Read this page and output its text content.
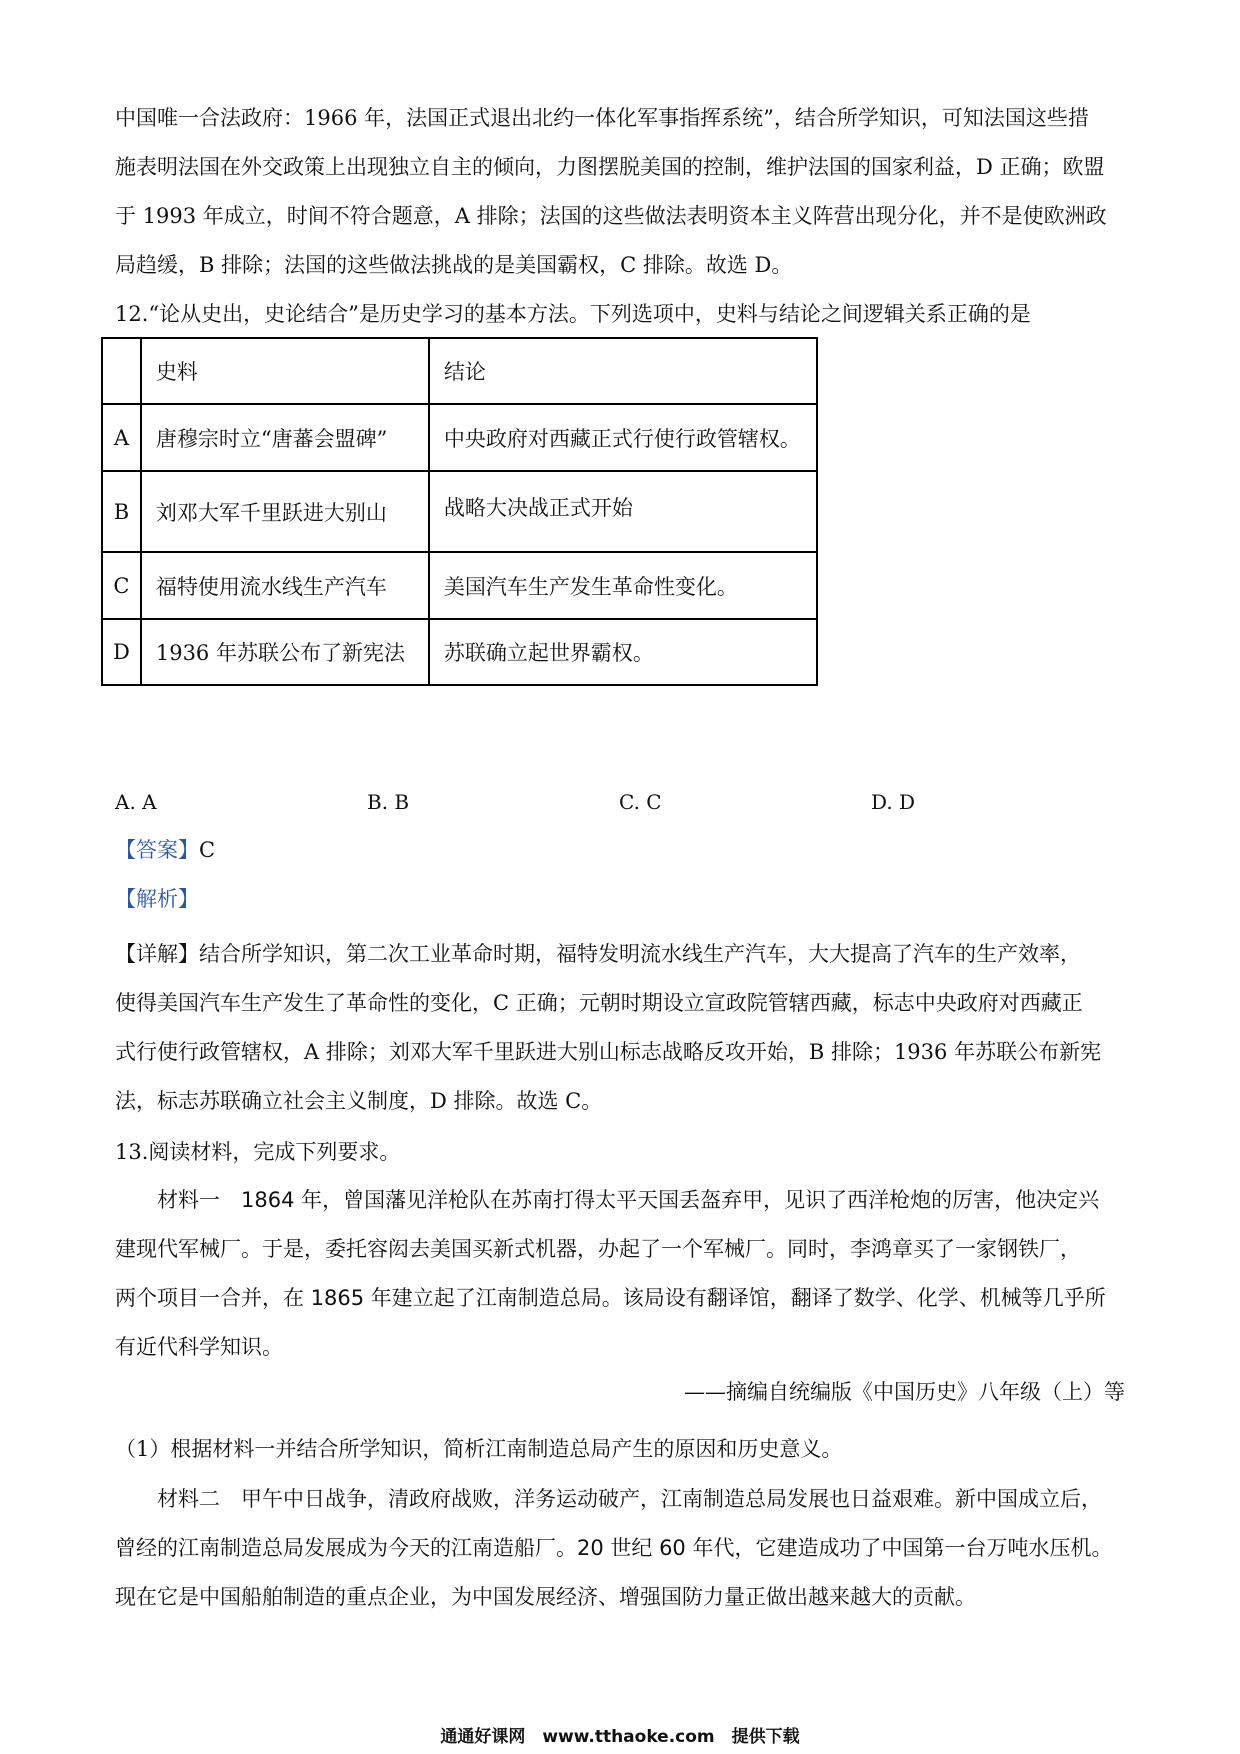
中国唯一合法政府：1966 年，法国正式退出北约一体化军事指挥系统”，结合所学知识，可知法国这些措
施表明法国在外交政策上出现独立自主的倾向，力图摆脱美国的控制，维护法国的国家利益，D 正确；欧盟
于 1993 年成立，时间不符合题意，A 排除；法国的这些做法表明资本主义阵营出现分化，并不是使欧洲政
局趋缓，B 排除；法国的这些做法挑战的是美国霸权，C 排除。故选 D。
12.“论从史出，史论结合”是历史学习的基本方法。下列选项中，史料与结论之间逻辑关系正确的是
	史料	结论
A	唐穆宗时立“唐蕃会盟碑”	中央政府对西藏正式行使行政管辖权。
B	刘邓大军千里跃进大别山	战略大决战正式开始
C	福特使用流水线生产汽车	美国汽车生产发生革命性变化。
D	1936 年苏联公布了新宪法	苏联确立起世界霸权。
A. A	B. B	C. C	D. D
【答案】C
【解析】
【详解】结合所学知识，第二次工业革命时期，福特发明流水线生产汽车，大大提高了汽车的生产效率，
使得美国汽车生产发生了革命性的变化，C 正确；元朝时期设立宣政院管辖西藏，标志中央政府对西藏正
式行使行政管辖权，A 排除；刘邓大军千里跃进大别山标志战略反攻开始，B 排除；1936 年苏联公布新宪
法，标志苏联确立社会主义制度，D 排除。故选 C。
13.阅读材料，完成下列要求。
材料一　1864 年，曾国藩见洋枪队在苏南打得太平天国丢盔弃甲，见识了西洋枪炮的厉害，他决定兴
建现代军械厂。于是，委托容闳去美国买新式机器，办起了一个军械厂。同时，李鸿章买了一家钢铁厂，
两个项目一合并，在 1865 年建立起了江南制造总局。该局设有翻译馆，翻译了数学、化学、机械等几乎所
有近代科学知识。
——摘编自统编版《中国历史》八年级（上）等
（1）根据材料一并结合所学知识，简析江南制造总局产生的原因和历史意义。
材料二　甲午中日战争，清政府战败，洋务运动破产，江南制造总局发展也日益艰难。新中国成立后，
曾经的江南制造总局发展成为今天的江南造船厂。20 世纪 60 年代，它建造成功了中国第一台万吨水压机。
现在它是中国船舶制造的重点企业，为中国发展经济、增强国防力量正做出越来越大的贡献。
通通好课网　www.tthaoke.com　提供下载
